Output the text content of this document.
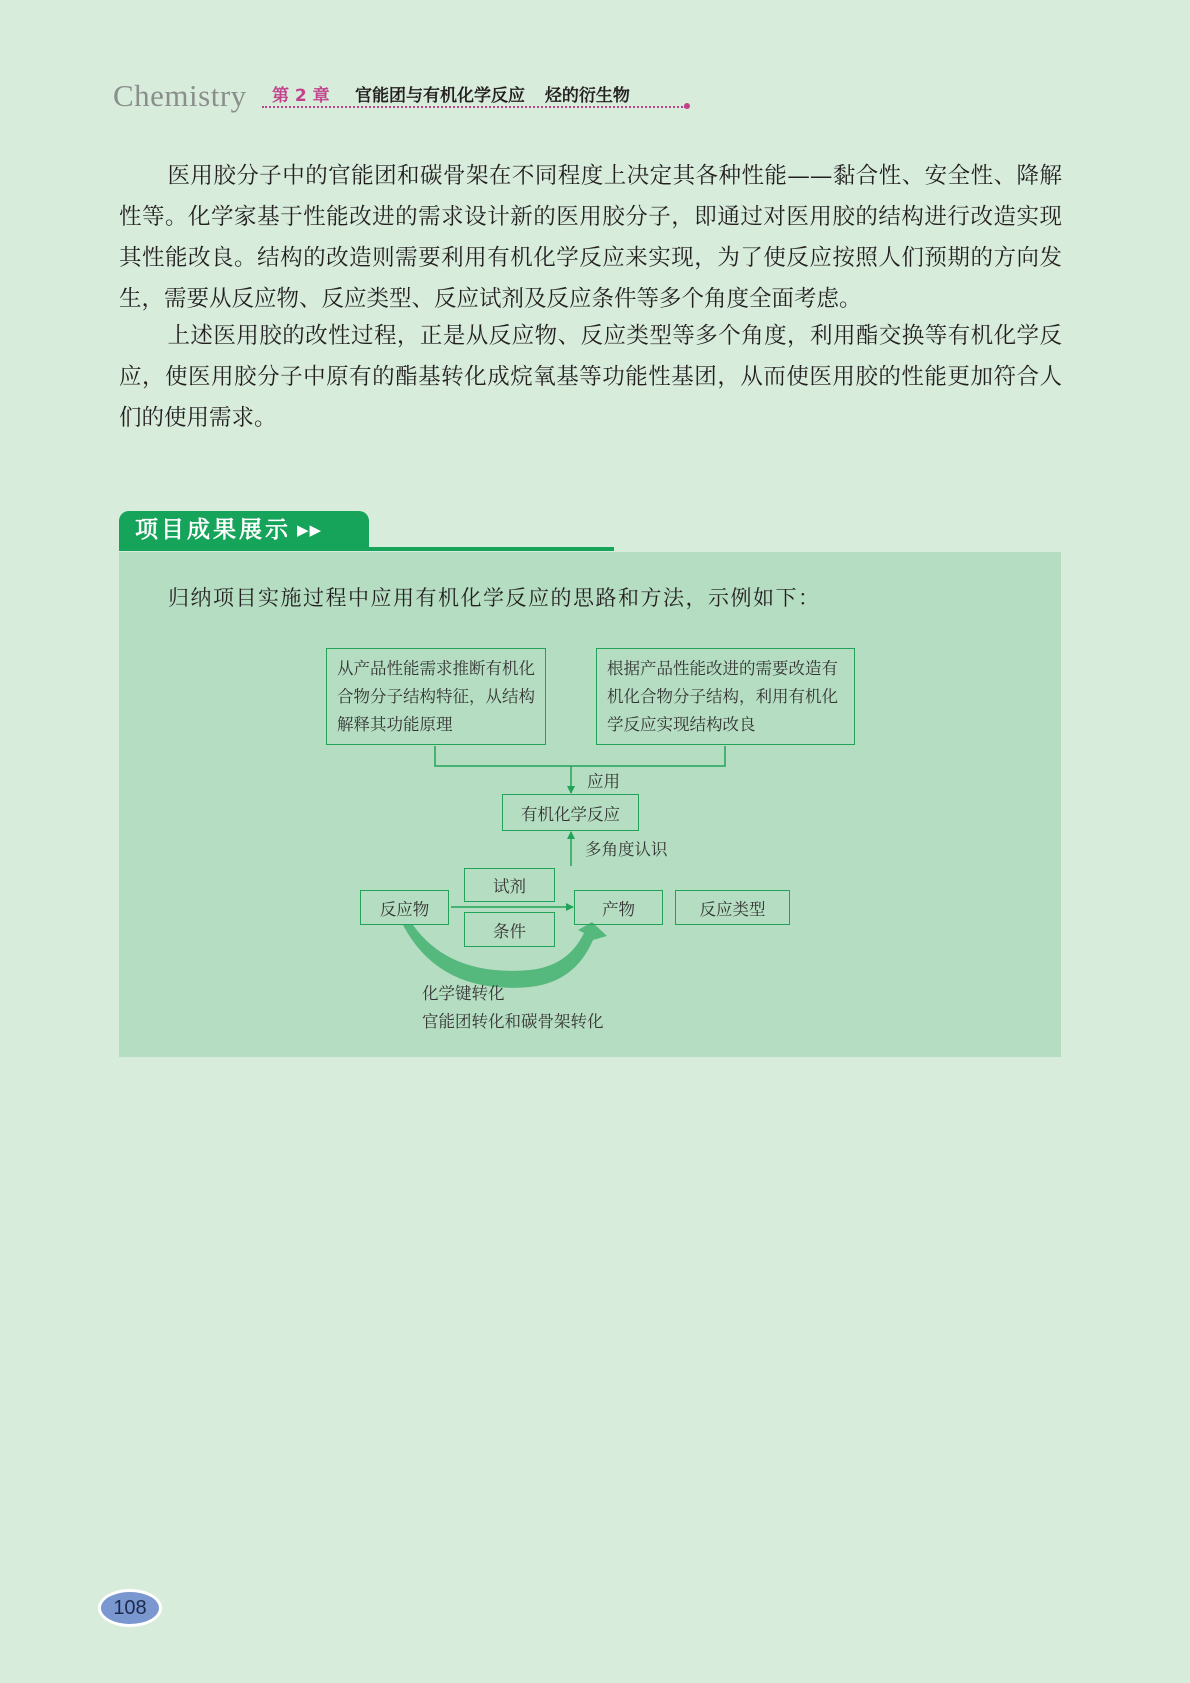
Chemistry 第 2 章 官能团与有机化学反应 烃的衍生物

医用胶分子中的官能团和碳骨架在不同程度上决定其各种性能——黏合性、安全性、降解性等。化学家基于性能改进的需求设计新的医用胶分子，即通过对医用胶的结构进行改造实现其性能改良。结构的改造则需要利用有机化学反应来实现，为了使反应按照人们预期的方向发生，需要从反应物、反应类型、反应试剂及反应条件等多个角度全面考虑。

上述医用胶的改性过程，正是从反应物、反应类型等多个角度，利用酯交换等有机化学反应，使医用胶分子中原有的酯基转化成烷氧基等功能性基团，从而使医用胶的性能更加符合人们的使用需求。

项目成果展示 ▶▶

归纳项目实施过程中应用有机化学反应的思路和方法，示例如下：

从产品性能需求推断有机化合物分子结构特征，从结构解释其功能原理
根据产品性能改进的需要改造有机化合物分子结构，利用有机化学反应实现结构改良
应用
有机化学反应
多角度认识
反应物
试剂
条件
产物	反应类型
化学键转化
官能团转化和碳骨架转化
108
